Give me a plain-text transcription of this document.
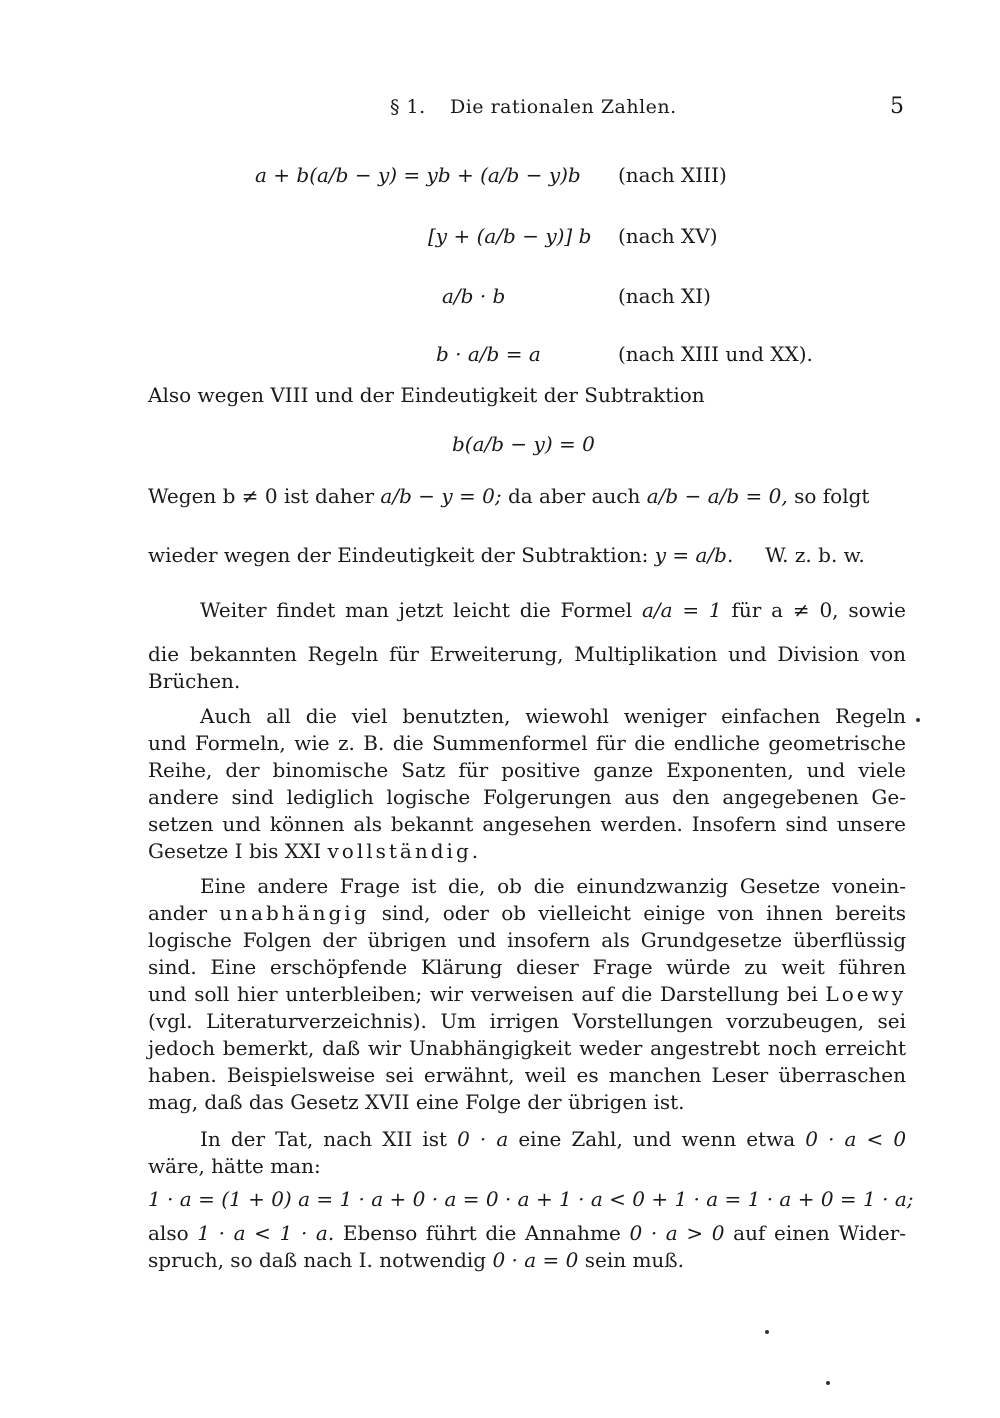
§ 1. Die rationalen Zahlen.	5
a + b(a/b − y) = yb + (a/b − y)b (nach XIII)
[y + (a/b − y)] b (nach XV)
a/b · b	(nach XI)
b · a/b = a	(nach XIII und XX).
Also wegen VIII und der Eindeutigkeit der Subtraktion
b(a/b − y) = 0
Wegen b ≠ 0 ist daher a/b − y = 0; da aber auch a/b − a/b = 0, so folgt
wieder wegen der Eindeutigkeit der Subtraktion: y = a/b. W. z. b. w.
Weiter findet man jetzt leicht die Formel a/a = 1 für a ≠ 0, sowie
die bekannten Regeln für Erweiterung, Multiplikation und Division von
Brüchen.
Auch all die viel benutzten, wiewohl weniger einfachen Regeln
und Formeln, wie z. B. die Summenformel für die endliche geometrische
Reihe, der binomische Satz für positive ganze Exponenten, und viele
andere sind lediglich logische Folgerungen aus den angegebenen Ge-
setzen und können als bekannt angesehen werden. Insofern sind unsere
Gesetze I bis XXI vollständig.
Eine andere Frage ist die, ob die einundzwanzig Gesetze vonein-
ander unabhängig sind, oder ob vielleicht einige von ihnen bereits
logische Folgen der übrigen und insofern als Grundgesetze überflüssig
sind. Eine erschöpfende Klärung dieser Frage würde zu weit führen
und soll hier unterbleiben; wir verweisen auf die Darstellung bei Loewy
(vgl. Literaturverzeichnis). Um irrigen Vorstellungen vorzubeugen, sei
jedoch bemerkt, daß wir Unabhängigkeit weder angestrebt noch erreicht
haben. Beispielsweise sei erwähnt, weil es manchen Leser überraschen
mag, daß das Gesetz XVII eine Folge der übrigen ist.
In der Tat, nach XII ist 0 · a eine Zahl, und wenn etwa 0 · a < 0
wäre, hätte man:
1 · a = (1 + 0) a = 1 · a + 0 · a = 0 · a + 1 · a < 0 + 1 · a = 1 · a + 0 = 1 · a;
also 1 · a < 1 · a. Ebenso führt die Annahme 0 · a > 0 auf einen Wider-
spruch, so daß nach I. notwendig 0 · a = 0 sein muß.
